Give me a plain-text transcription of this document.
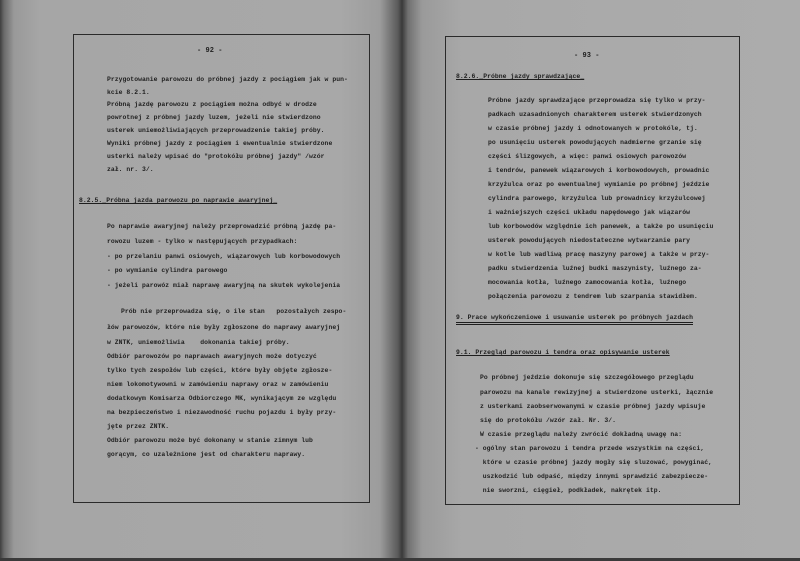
- 92 -
Przygotowanie parowozu do próbnej jazdy z pociągiem jak w pun-
kcie 8.2.1.
Próbną jazdę parowozu z pociągiem można odbyć w drodze
powrotnej z próbnej jazdy luzem, jeżeli nie stwierdzono
usterek uniemożliwiających przeprowadzenie takiej próby.
Wyniki próbnej jazdy z pociągiem i ewentualnie stwierdzone
usterki należy wpisać do "protokółu próbnej jazdy" /wzór
zał. nr. 3/.
8.2.5._Próbna jazda parowozu po naprawie awaryjnej_
Po naprawie awaryjnej należy przeprowadzić próbną jazdę pa-
rowozu luzem - tylko w następujących przypadkach:
- po przelaniu panwi osiowych, wiązarowych lub korbowodowych
- po wymianie cylindra parowego
- jeżeli parowóz miał naprawę awaryjną na skutek wykolejenia
Prób nie przeprowadza się, o ile stan   pozostałych zespo-
łów parowozów, które nie były zgłoszone do naprawy awaryjnej
w ZNTK, uniemożliwia    dokonania takiej próby.
Odbiór parowozów po naprawach awaryjnych może dotyczyć
tylko tych zespołów lub części, które były objęte zgłosze-
niem lokomotywowni w zamówieniu naprawy oraz w zamówieniu
dodatkowym Komisarza Odbiorczego MK, wynikającym ze względu
na bezpieczeństwo i niezawodność ruchu pojazdu i były przy-
jęte przez ZNTK.
Odbiór parowozu może być dokonany w stanie zimnym lub
gorącym, co uzależnione jest od charakteru naprawy.
- 93 -
8.2.6._Próbne jazdy sprawdzające_
Próbne jazdy sprawdzające przeprowadza się tylko w przy-
padkach uzasadnionych charakterem usterek stwierdzonych
w czasie próbnej jazdy i odnotowanych w protokóle, tj.
po usunięciu usterek powodujących nadmierne grzanie się
części ślizgowych, a więc: panwi osiowych parowozów
i tendrów, panewek wiązarowych i korbowodowych, prowadnic
krzyżulca oraz po ewentualnej wymianie po próbnej jeździe
cylindra parowego, krzyżulca lub prowadnicy krzyżulcowej
i ważniejszych części układu napędowego jak wiązarów
lub korbowodów względnie ich panewek, a także po usunięciu
usterek powodujących niedostateczne wytwarzanie pary
w kotle lub wadliwą pracę maszyny parowej a także w przy-
padku stwierdzenia luźnej budki maszynisty, luźnego za-
mocowania kotła, luźnego zamocowania kotła, luźnego
połączenia parowozu z tendrem lub szarpania stawidłem.
9. Prace wykończeniowe i usuwanie usterek po próbnych jazdach
9.1. Przegląd parowozu i tendra oraz opisywanie usterek
Po próbnej jeździe dokonuje się szczegółowego przeglądu
parowozu na kanale rewizyjnej a stwierdzone usterki, łącznie
z usterkami zaobserwowanymi w czasie próbnej jazdy wpisuje
się do protokółu /wzór zał. Nr. 3/.
W czasie przeglądu należy zwrócić dokładną uwagę na:
- ogólny stan parowozu i tendra przede wszystkim na części,
które w czasie próbnej jazdy mogły się sluzować, powyginać,
uszkodzić lub odpaść, między innymi sprawdzić zabezpiecze-
nie sworzni, cięgieł, podkładek, nakrętek itp.
